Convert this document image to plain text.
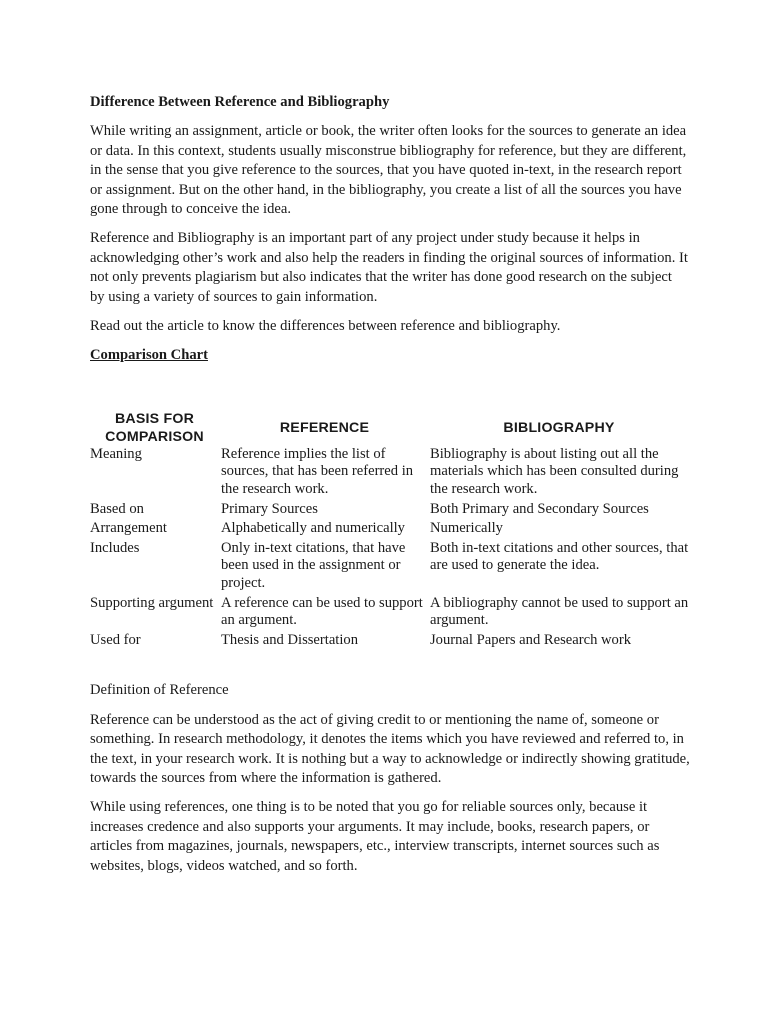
Difference Between Reference and Bibliography

While writing an assignment, article or book, the writer often looks for the sources to generate an idea or data. In this context, students usually misconstrue bibliography for reference, but they are different, in the sense that you give reference to the sources, that you have quoted in-text, in the research report or assignment. But on the other hand, in the bibliography, you create a list of all the sources you have gone through to conceive the idea.

Reference and Bibliography is an important part of any project under study because it helps in acknowledging other’s work and also help the readers in finding the original sources of information. It not only prevents plagiarism but also indicates that the writer has done good research on the subject by using a variety of sources to gain information.

Read out the article to know the differences between reference and bibliography.

Comparison Chart
BASIS FOR COMPARISON	REFERENCE	BIBLIOGRAPHY
Meaning	Reference implies the list of sources, that has been referred in the research work.	Bibliography is about listing out all the materials which has been consulted during the research work.
Based on	Primary Sources	Both Primary and Secondary Sources
Arrangement	Alphabetically and numerically	Numerically
Includes	Only in-text citations, that have been used in the assignment or project.	Both in-text citations and other sources, that are used to generate the idea.
Supporting argument	A reference can be used to support an argument.	A bibliography cannot be used to support an argument.
Used for	Thesis and Dissertation	Journal Papers and Research work

Definition of Reference

Reference can be understood as the act of giving credit to or mentioning the name of, someone or something. In research methodology, it denotes the items which you have reviewed and referred to, in the text, in your research work. It is nothing but a way to acknowledge or indirectly showing gratitude, towards the sources from where the information is gathered.

While using references, one thing is to be noted that you go for reliable sources only, because it increases credence and also supports your arguments. It may include, books, research papers, or articles from magazines, journals, newspapers, etc., interview transcripts, internet sources such as websites, blogs, videos watched, and so forth.
